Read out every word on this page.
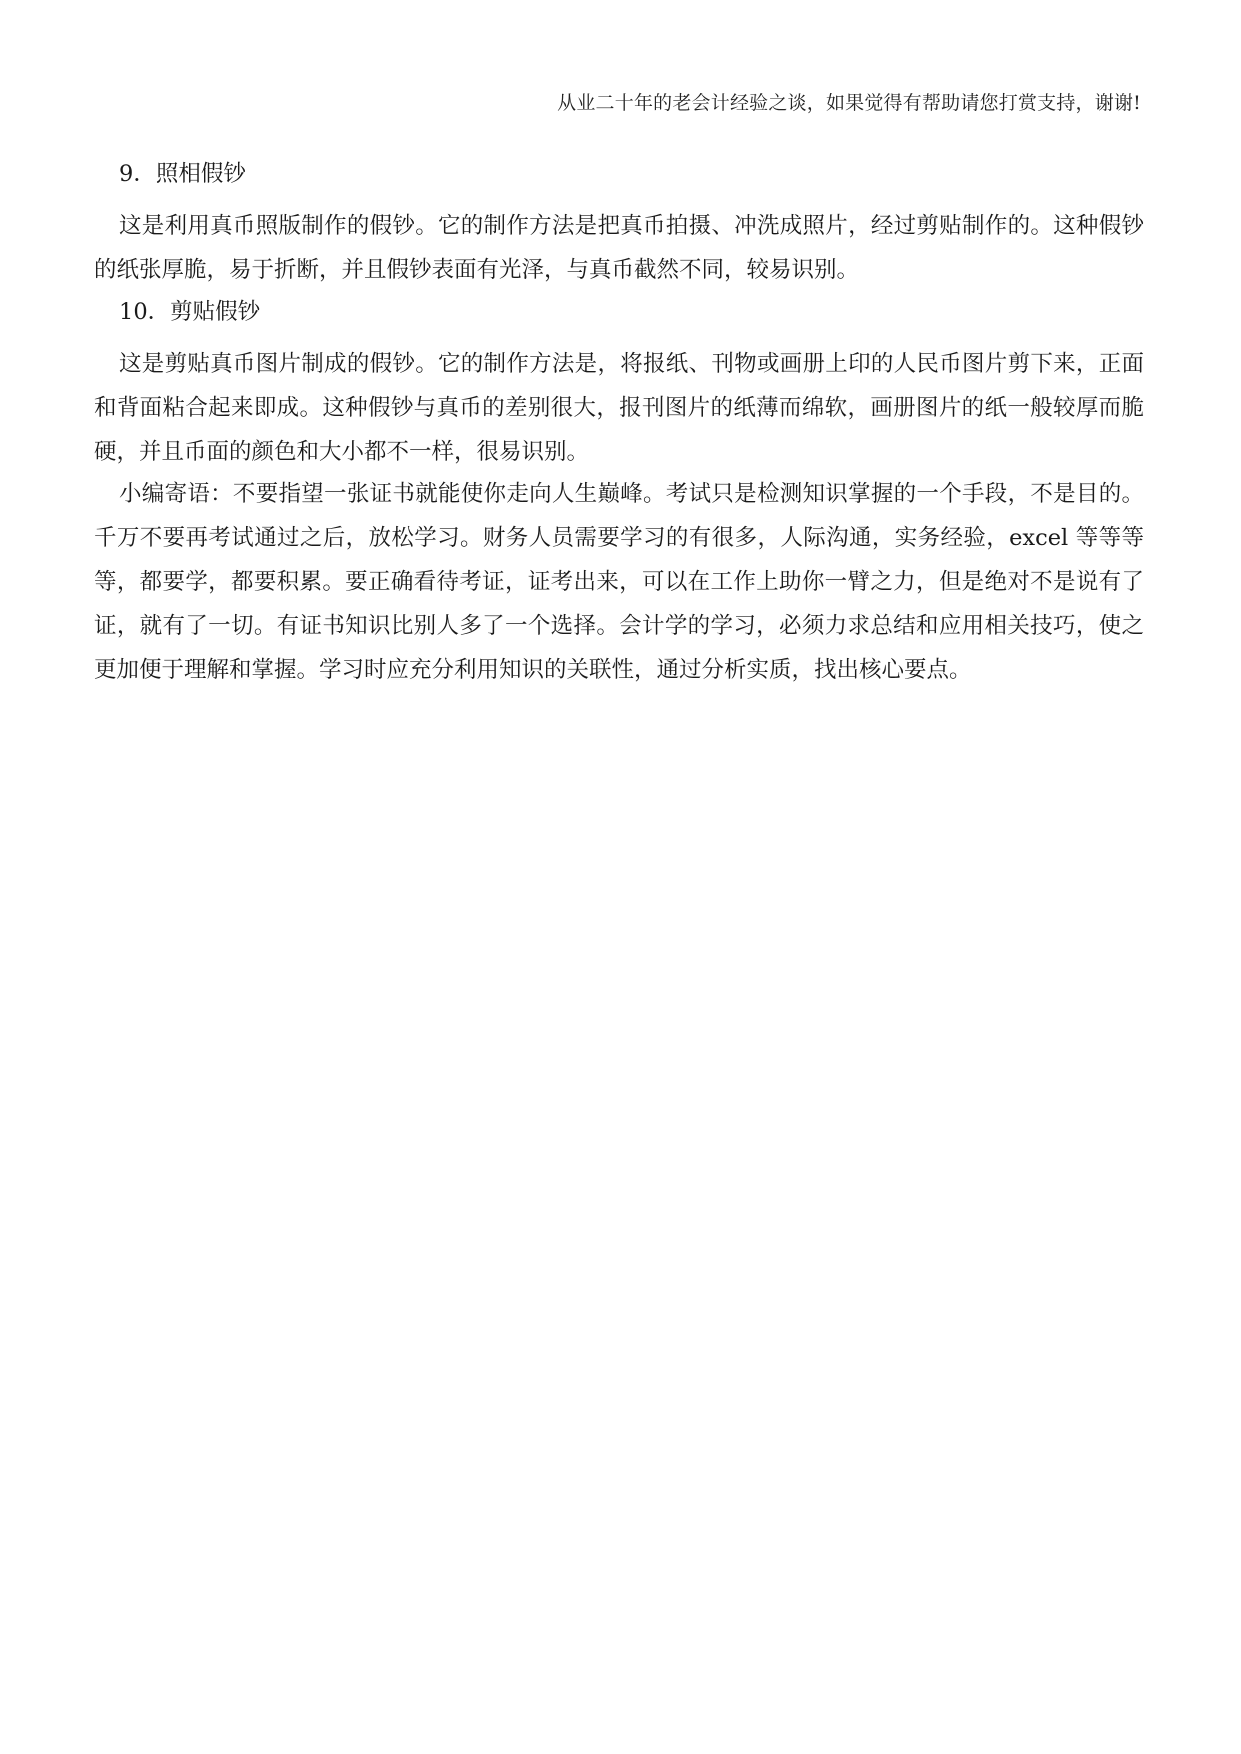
从业二十年的老会计经验之谈，如果觉得有帮助请您打赏支持，谢谢!
9．照相假钞

这是利用真币照版制作的假钞。它的制作方法是把真币拍摄、冲洗成照片，经过剪贴制作的。这种假钞的纸张厚脆，易于折断，并且假钞表面有光泽，与真币截然不同，较易识别。

10．剪贴假钞

这是剪贴真币图片制成的假钞。它的制作方法是，将报纸、刊物或画册上印的人民币图片剪下来，正面和背面粘合起来即成。这种假钞与真币的差别很大，报刊图片的纸薄而绵软，画册图片的纸一般较厚而脆硬，并且币面的颜色和大小都不一样，很易识别。

小编寄语：不要指望一张证书就能使你走向人生巅峰。考试只是检测知识掌握的一个手段，不是目的。千万不要再考试通过之后，放松学习。财务人员需要学习的有很多，人际沟通，实务经验，excel 等等等等，都要学，都要积累。要正确看待考证，证考出来，可以在工作上助你一臂之力，但是绝对不是说有了证，就有了一切。有证书知识比别人多了一个选择。会计学的学习，必须力求总结和应用相关技巧，使之更加便于理解和掌握。学习时应充分利用知识的关联性，通过分析实质，找出核心要点。
